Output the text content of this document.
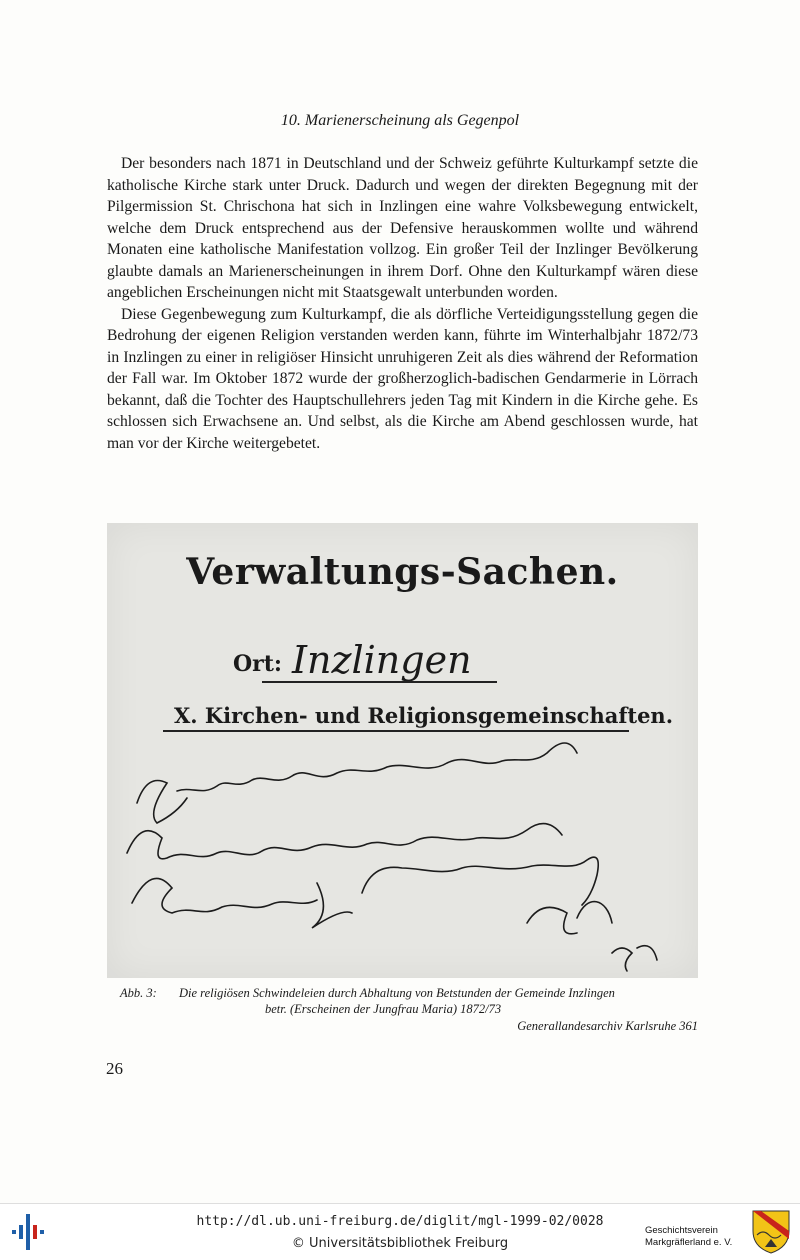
10. Marienerscheinung als Gegenpol

Der besonders nach 1871 in Deutschland und der Schweiz geführte Kulturkampf setzte die katholische Kirche stark unter Druck. Dadurch und wegen der direkten Begegnung mit der Pilgermission St. Chrischona hat sich in Inzlingen eine wahre Volksbewegung entwickelt, welche dem Druck entsprechend aus der Defensive herauskommen wollte und während Monaten eine katholische Manifestation vollzog. Ein großer Teil der Inzlinger Bevölkerung glaubte damals an Marienerscheinungen in ihrem Dorf. Ohne den Kulturkampf wären diese angeblichen Erscheinungen nicht mit Staatsgewalt unterbunden worden.

Diese Gegenbewegung zum Kulturkampf, die als dörfliche Verteidigungsstellung gegen die Bedrohung der eigenen Religion verstanden werden kann, führte im Winterhalbjahr 1872/73 in Inzlingen zu einer in religiöser Hinsicht unruhigeren Zeit als dies während der Reformation der Fall war. Im Oktober 1872 wurde der großherzoglich-badischen Gendarmerie in Lörrach bekannt, daß die Tochter des Hauptschullehrers jeden Tag mit Kindern in die Kirche gehe. Es schlossen sich Erwachsene an. Und selbst, als die Kirche am Abend geschlossen wurde, hat man vor der Kirche weitergebetet.

Verwaltungs-Sachen.
Ort: Inzlingen
X. Kirchen- und Religionsgemeinschaften.
Abb. 3:	Die religiösen Schwindeleien durch Abhaltung von Betstunden der Gemeinde Inzlingen
betr. (Erscheinen der Jungfrau Maria) 1872/73
Generallandesarchiv Karlsruhe 361
26
http://dl.ub.uni-freiburg.de/diglit/mgl-1999-02/0028
© Universitätsbibliothek Freiburg
Geschichtsverein
Markgräflerland e. V.
